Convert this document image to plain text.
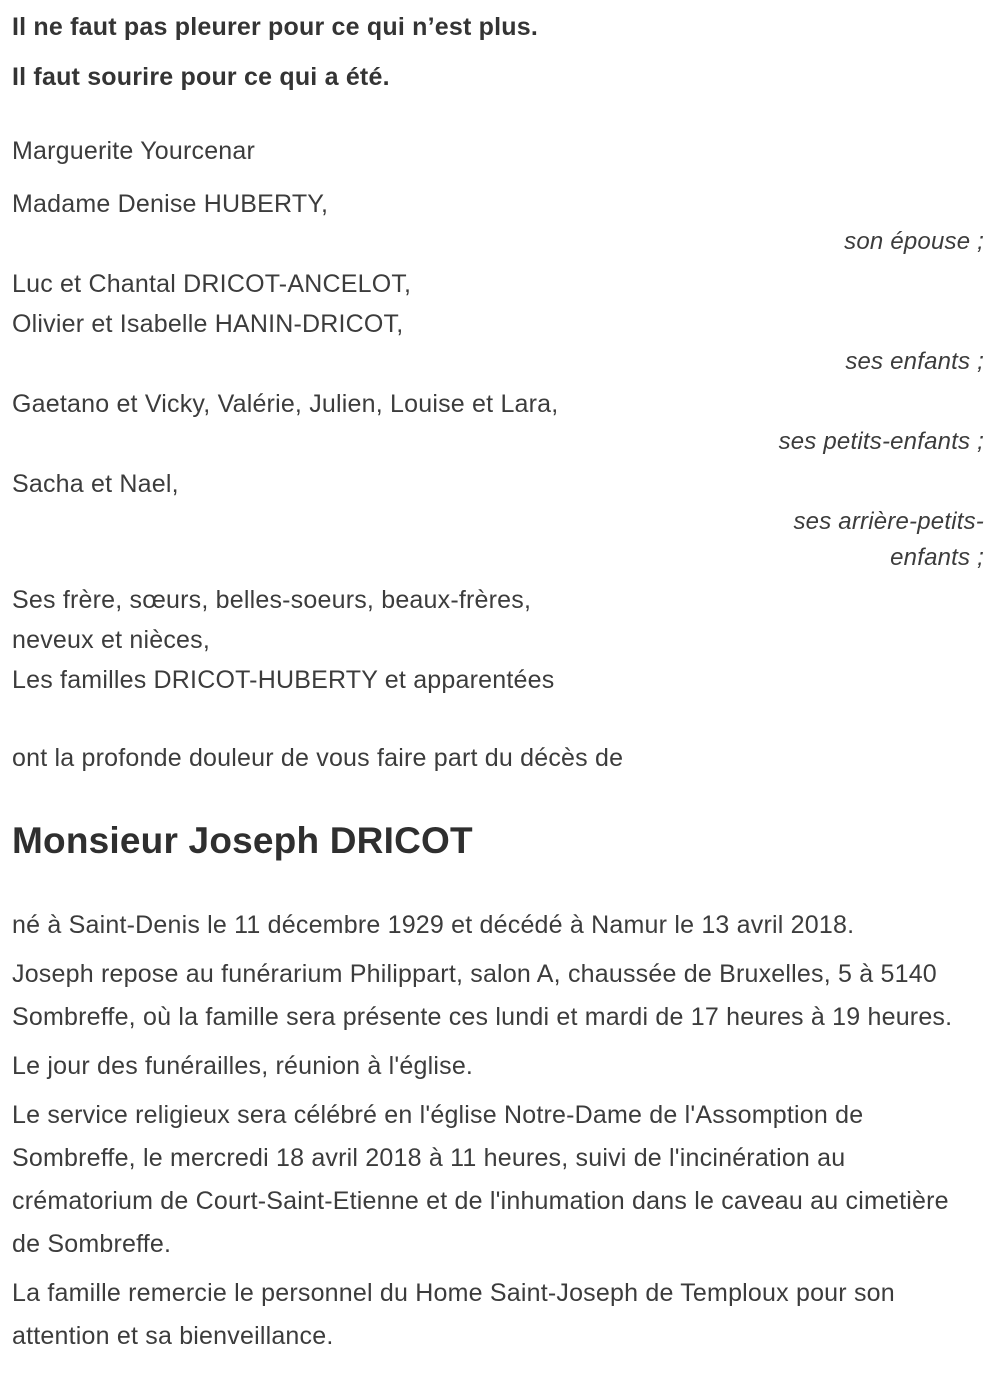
Il ne faut pas pleurer pour ce qui n’est plus.

Il faut sourire pour ce qui a été.

Marguerite Yourcenar

Madame Denise HUBERTY,

son épouse ;

Luc et Chantal DRICOT-ANCELOT,

Olivier et Isabelle HANIN-DRICOT,

ses enfants ;

Gaetano et Vicky, Valérie, Julien, Louise et Lara,

ses petits-enfants ;

Sacha et Nael,

ses arrière-petits-enfants ;

Ses frère, sœurs, belles-soeurs, beaux-frères,

neveux et nièces,

Les familles DRICOT-HUBERTY et apparentées

ont la profonde douleur de vous faire part du décès de

Monsieur Joseph DRICOT

né à Saint-Denis le 11 décembre 1929 et décédé à Namur le 13 avril 2018.

Joseph repose au funérarium Philippart, salon A, chaussée de Bruxelles, 5 à 5140 Sombreffe, où la famille sera présente ces lundi et mardi de 17 heures à 19 heures.

Le jour des funérailles, réunion à l'église.

Le service religieux sera célébré en l'église Notre-Dame de l'Assomption de Sombreffe, le mercredi 18 avril 2018 à 11 heures, suivi de l'incinération au crématorium de Court-Saint-Etienne et de l'inhumation dans le caveau au cimetière de Sombreffe.

La famille remercie le personnel du Home Saint-Joseph de Temploux pour son attention et sa bienveillance.
